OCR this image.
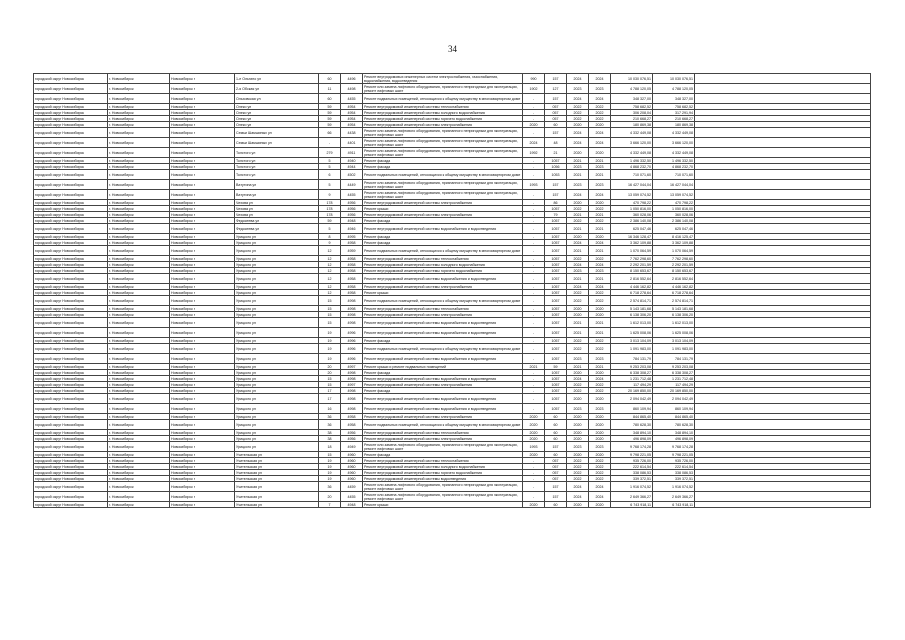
34
городской округ Новосибирск	г. Новосибирск	Новосибирск г	1-е Ольгино ул	60	4496	Ремонт внутридомовых инженерных систем электроснабжения, газоснабжения, водоснабжения, водоотведения	990	157	2024	2024	10 030 076,51	10 030 076,51	
городской округ Новосибирск	г. Новосибирск	Новосибирск г	2-я Обская ул	11	4498	Ремонт или замена лифтового оборудования, признанного непригодным для эксплуатации, ремонт лифтовых шахт	1902	127	2023	2023	4 788 120,05	4 788 120,05	
городской округ Новосибирск	г. Новосибирск	Новосибирск г	Ольховская ул	60	4455	Ремонт подвальных помещений, относящихся к общему имуществу в многоквартирном доме	-	157	2024	2024	348 327,00	348 327,00	
городской округ Новосибирск	г. Новосибирск	Новосибирск г	Олеко ул	59	4954	Ремонт внутридомовой инженерной системы теплоснабжения	-	057	2022	2022	758 682,52	758 682,52	
городской округ Новосибирск	г. Новосибирск	Новосибирск г	Олеко ул	59	4954	Ремонт внутридомовой инженерной системы холодного водоснабжения	-	057	2022	2022	306 208,04	317 291,94	
городской округ Новосибирск	г. Новосибирск	Новосибирск г	Олеко ул	59	4954	Ремонт внутридомовой инженерной системы горячего водоснабжения	-	057	2022	2022	210 668,27	210 668,27	
городской округ Новосибирск	г. Новосибирск	Новосибирск г	Олеко ул	59	4954	Ремонт внутридомовой инженерной системы электроснабжения	2020	60	2020	2020	180 869,38	180 869,38	
городской округ Новосибирск	г. Новосибирск	Новосибирск г	Семьи Шамшиных ул	66	4438	Ремонт или замена лифтового оборудования, признанного непригодным для эксплуатации, ремонт лифтовых шахт	-	157	2024	2024	4 332 449,08	4 332 449,08	
городской округ Новосибирск	г. Новосибирск	Новосибирск г	Семьи Шамшиных ул	-	4401	Ремонт или замена лифтового оборудования, признанного непригодным для эксплуатации, ремонт лифтовых шахт	2024	48	2024	2024	3 666 120,00	3 666 120,00	
городской округ Новосибирск	г. Новосибирск	Новосибирск г	Толстого ул	279	4911	Ремонт или замена лифтового оборудования, признанного непригодным для эксплуатации, ремонт лифтовых шахт	1992	21	2020	2020	4 332 449,08	4 332 449,08	
городской округ Новосибирск	г. Новосибирск	Новосибирск г	Толстого ул	5	4940	Ремонт фасада	-	1057	2021	2021	1 496 332,50	1 496 332,50	
городской округ Новосибирск	г. Новосибирск	Новосибирск г	Толстого ул	5	4944	Ремонт фасада	-	1056	2023	2023	4 868 232,70	4 868 232,70	
городской округ Новосибирск	г. Новосибирск	Новосибирск г	Толстого ул	6	4502	Ремонт подвальных помещений, относящихся к общему имуществу в многоквартирном доме	-	1053	2021	2021	710 071,60	710 071,60	
городской округ Новосибирск	г. Новосибирск	Новосибирск г	Ватутина ул	5	4449	Ремонт или замена лифтового оборудования, признанного непригодным для эксплуатации, ремонт лифтовых шахт	1993	157	2023	2023	16 427 044,04	16 427 044,04	
городской округ Новосибирск	г. Новосибирск	Новосибирск г	Ватутина ул	9	4455	Ремонт или замена лифтового оборудования, признанного непригодным для эксплуатации, ремонт лифтовых шахт	-	157	2024	2024	13 059 074,52	13 059 074,52	
городской округ Новосибирск	г. Новосибирск	Новосибирск г	Чехова ул	178	4956	Ремонт внутридомовой инженерной системы электроснабжения	-	86	2020	2020	470 798,22	470 798,22	
городской округ Новосибирск	г. Новосибирск	Новосибирск г	Чехова ул	178	4956	Ремонт крыши	-	1057	2022	2022	1 050 816,00	1 050 816,00	
городской округ Новосибирск	г. Новосибирск	Новосибирск г	Чехова ул	178	4956	Ремонт внутридомовой инженерной системы электроснабжения	-	79	2021	2021	360 028,06	360 028,06	
городской округ Новосибирск	г. Новосибирск	Новосибирск г	Федосеева ул	59	4948	Ремонт фасада	-	1057	2022	2022	2 386 140,08	2 386 140,08	
городской округ Новосибирск	г. Новосибирск	Новосибирск г	Федосеева ул	5	4946	Ремонт внутридомовой инженерной системы водоснабжения и водоотведения	-	1057	2021	2021	625 047,46	625 047,46	
городской округ Новосибирск	г. Новосибирск	Новосибирск г	Урицкого ул	8	4995	Ремонт фасада	-	1057	2020	2020	16 346 128,47	8 416 125,47	
городской округ Новосибирск	г. Новосибирск	Новосибирск г	Урицкого ул	9	4958	Ремонт фасада	-	1057	2024	2024	3 362 109,88	3 362 109,88	
городской округ Новосибирск	г. Новосибирск	Новосибирск г	Урицкого ул	12	4959	Ремонт подвальных помещений, относящихся к общему имуществу в многоквартирном доме	-	1057	2021	2021	1 070 064,59	1 070 064,59	
городской округ Новосибирск	г. Новосибирск	Новосибирск г	Урицкого ул	12	4958	Ремонт внутридомовой инженерной системы теплоснабжения	-	1057	2022	2022	7 762 298,60	7 762 298,60	
городской округ Новосибирск	г. Новосибирск	Новосибирск г	Урицкого ул	12	4958	Ремонт внутридомовой инженерной системы холодного водоснабжения	-	1057	2024	2024	2 292 201,59	2 292 201,59	
городской округ Новосибирск	г. Новосибирск	Новосибирск г	Урицкого ул	12	4958	Ремонт внутридомовой инженерной системы горячего водоснабжения	-	1057	2023	2023	8 150 653,67	8 150 653,67	
городской округ Новосибирск	г. Новосибирск	Новосибирск г	Урицкого ул	12	4958	Ремонт внутридомовой инженерной системы водоснабжения и водоотведения	-	1057	2021	2021	2 816 552,64	2 816 552,64	
городской округ Новосибирск	г. Новосибирск	Новосибирск г	Урицкого ул	12	4958	Ремонт внутридомовой инженерной системы электроснабжения	-	1057	2024	2024	4 446 162,82	4 446 162,82	
городской округ Новосибирск	г. Новосибирск	Новосибирск г	Урицкого ул	12	4958	Ремонт крыши	-	1057	2022	2022	6 718 278,64	6 718 278,64	
городской округ Новосибирск	г. Новосибирск	Новосибирск г	Урицкого ул	15	4998	Ремонт подвальных помещений, относящихся к общему имуществу в многоквартирном доме	-	1057	2022	2022	2 574 814,71	2 574 814,71	
городской округ Новосибирск	г. Новосибирск	Новосибирск г	Урицкого ул	15	4998	Ремонт внутридомовой инженерной системы теплоснабжения	-	1057	2020	2020	5 143 181,68	5 143 181,68	
городской округ Новосибирск	г. Новосибирск	Новосибирск г	Урицкого ул	15	4998	Ремонт внутридомовой инженерной системы электроснабжения	-	1057	2020	2020	6 138 306,20	6 138 306,20	
городской округ Новосибирск	г. Новосибирск	Новосибирск г	Урицкого ул	15	4998	Ремонт внутридомовой инженерной системы водоснабжения и водоотведения	-	1057	2021	2021	1 612 013,00	1 612 013,00	
городской округ Новосибирск	г. Новосибирск	Новосибирск г	Урицкого ул	19	4996	Ремонт внутридомовой инженерной системы водоснабжения и водоотведения	-	1057	2021	2021	1 625 008,06	1 625 008,06	
городской округ Новосибирск	г. Новосибирск	Новосибирск г	Урицкого ул	19	4996	Ремонт фасада	-	1057	2022	2022	3 013 104,09	3 013 104,09	
городской округ Новосибирск	г. Новосибирск	Новосибирск г	Урицкого ул	19	4996	Ремонт подвальных помещений, относящихся к общему имуществу в многоквартирном доме	-	1057	2022	2022	1 091 983,00	1 091 983,00	
городской округ Новосибирск	г. Новосибирск	Новосибирск г	Урицкого ул	19	4996	Ремонт внутридомовой инженерной системы водоснабжения и водоотведения	-	1057	2023	2023	784 131,79	784 131,79	
городской округ Новосибирск	г. Новосибирск	Новосибирск г	Урицкого ул	20	4997	Ремонт крыши и ремонт подвальных помещений	2021	59	2021	2021	9 253 203,08	9 253 203,08	
городской округ Новосибирск	г. Новосибирск	Новосибирск г	Урицкого ул	20	4998	Ремонт фасада	-	1057	2020	2020	6 338 308,27	6 338 308,27	
городской округ Новосибирск	г. Новосибирск	Новосибирск г	Урицкого ул	15	4998	Ремонт внутридомовой инженерной системы водоснабжения и водоотведения	-	1057	2024	2024	1 231 712,48	1 231 712,48	
городской округ Новосибирск	г. Новосибирск	Новосибирск г	Урицкого ул	15	4997	Ремонт внутридомовой инженерной системы электроснабжения	-	1057	2022	2022	117 494,29	117 494,29	
городской округ Новосибирск	г. Новосибирск	Новосибирск г	Урицкого ул	17	4998	Ремонт фасада	-	1057	2022	2022	20 169 850,00	20 169 850,00	
городской округ Новосибирск	г. Новосибирск	Новосибирск г	Урицкого ул	17	4998	Ремонт внутридомовой инженерной системы водоснабжения и водоотведения	-	1057	2020	2020	2 094 042,49	2 094 042,49	
городской округ Новосибирск	г. Новосибирск	Новосибирск г	Урицкого ул	16	4998	Ремонт внутридомовой инженерной системы водоснабжения и водоотведения	-	1057	2023	2023	860 109,94	860 109,94	
городской округ Новосибирск	г. Новосибирск	Новосибирск г	Урицкого ул	36	4958	Ремонт внутридомовой инженерной системы электроснабжения	2020	60	2020	2020	844 865,40	844 865,40	
городской округ Новосибирск	г. Новосибирск	Новосибирск г	Урицкого ул	36	4958	Ремонт подвальных помещений, относящихся к общему имуществу в многоквартирном доме	2020	60	2020	2020	780 628,30	780 628,30	
городской округ Новосибирск	г. Новосибирск	Новосибирск г	Урицкого ул	38	4956	Ремонт внутридомовой инженерной системы теплоснабжения	2020	60	2020	2020	348 894,10	348 894,10	
городской округ Новосибирск	г. Новосибирск	Новосибирск г	Урицкого ул	38	4956	Ремонт внутридомовой инженерной системы электроснабжения	2020	60	2020	2020	496 898,09	496 898,09	
городской округ Новосибирск	г. Новосибирск	Новосибирск г	Урицкого ул	18	4949	Ремонт или замена лифтового оборудования, признанного непригодным для эксплуатации, ремонт лифтовых шахт	1993	157	2023	2023	9 768 174,28	9 768 174,28	
городской округ Новосибирск	г. Новосибирск	Новосибирск г	Учительская ул	15	4960	Ремонт фасада	2020	60	2020	2020	9 798 221,05	9 798 221,05	
городской округ Новосибирск	г. Новосибирск	Новосибирск г	Учительская ул	19	4960	Ремонт внутридомовой инженерной системы теплоснабжения	-	057	2022	2022	935 726,00	935 726,00	
городской округ Новосибирск	г. Новосибирск	Новосибирск г	Учительская ул	19	4960	Ремонт внутридомовой инженерной системы холодного водоснабжения	-	057	2022	2022	222 614,54	222 614,54	
городской округ Новосибирск	г. Новосибирск	Новосибирск г	Учительская ул	19	4960	Ремонт внутридомовой инженерной системы горячего водоснабжения	-	057	2022	2022	338 086,53	338 086,53	
городской округ Новосибирск	г. Новосибирск	Новосибирск г	Учительская ул	19	4960	Ремонт внутридомовой инженерной системы водоотведения	-	057	2022	2022	339 372,51	339 372,51	
городской округ Новосибирск	г. Новосибирск	Новосибирск г	Учительская ул	36	4459	Ремонт или замена лифтового оборудования, признанного непригодным для эксплуатации, ремонт лифтовых шахт	-	157	2024	2024	1 916 074,52	1 916 074,52	
городской округ Новосибирск	г. Новосибирск	Новосибирск г	Учительская ул	20	4455	Ремонт или замена лифтового оборудования, признанного непригодным для эксплуатации, ремонт лифтовых шахт	-	157	2024	2024	2 649 366,27	2 649 366,27	
городской округ Новосибирск	г. Новосибирск	Новосибирск г	Учительская ул	7	4948	Ремонт крыши	2020	60	2020	2020	6 743 918,11	6 743 918,11	
